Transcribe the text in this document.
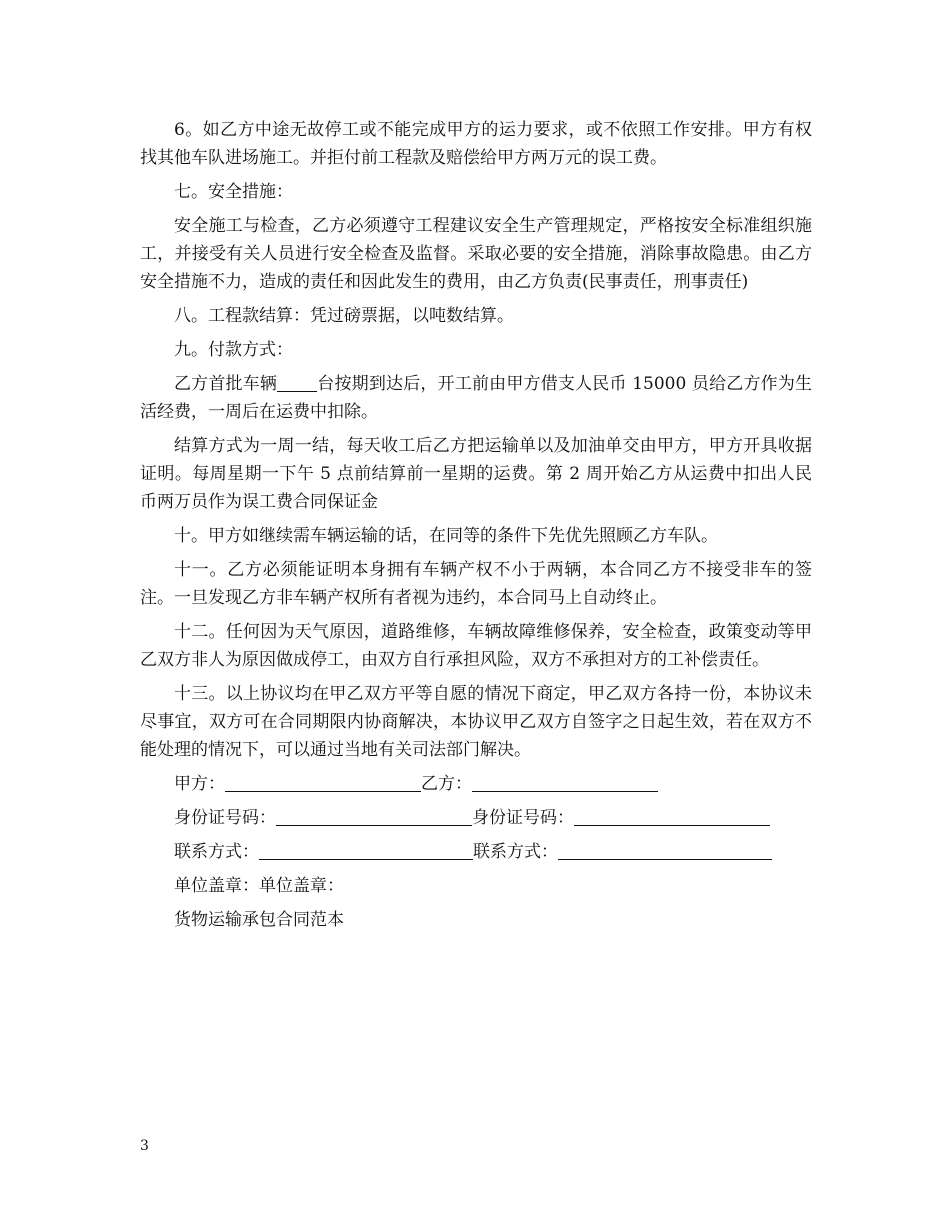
6。如乙方中途无故停工或不能完成甲方的运力要求，或不依照工作安排。甲方有权找其他车队进场施工。并拒付前工程款及赔偿给甲方两万元的误工费。

七。安全措施：

安全施工与检查，乙方必须遵守工程建议安全生产管理规定，严格按安全标准组织施工，并接受有关人员进行安全检查及监督。采取必要的安全措施，消除事故隐患。由乙方安全措施不力，造成的责任和因此发生的费用，由乙方负责(民事责任，刑事责任)

八。工程款结算：凭过磅票据，以吨数结算。

九。付款方式：

乙方首批车辆 台按期到达后，开工前由甲方借支人民币 15000 员给乙方作为生活经费，一周后在运费中扣除。

结算方式为一周一结，每天收工后乙方把运输单以及加油单交由甲方，甲方开具收据证明。每周星期一下午 5 点前结算前一星期的运费。第 2 周开始乙方从运费中扣出人民币两万员作为误工费合同保证金

十。甲方如继续需车辆运输的话，在同等的条件下先优先照顾乙方车队。

十一。乙方必须能证明本身拥有车辆产权不小于两辆，本合同乙方不接受非车的签注。一旦发现乙方非车辆产权所有者视为违约，本合同马上自动终止。

十二。任何因为天气原因，道路维修，车辆故障维修保养，安全检查，政策变动等甲乙双方非人为原因做成停工，由双方自行承担风险，双方不承担对方的工补偿责任。

十三。以上协议均在甲乙双方平等自愿的情况下商定，甲乙双方各持一份，本协议未尽事宜，双方可在合同期限内协商解决，本协议甲乙双方自签字之日起生效，若在双方不能处理的情况下，可以通过当地有关司法部门解决。

甲方：	乙方：
身份证号码：	身份证号码：
联系方式：	联系方式：
单位盖章：单位盖章：
货物运输承包合同范本
3
